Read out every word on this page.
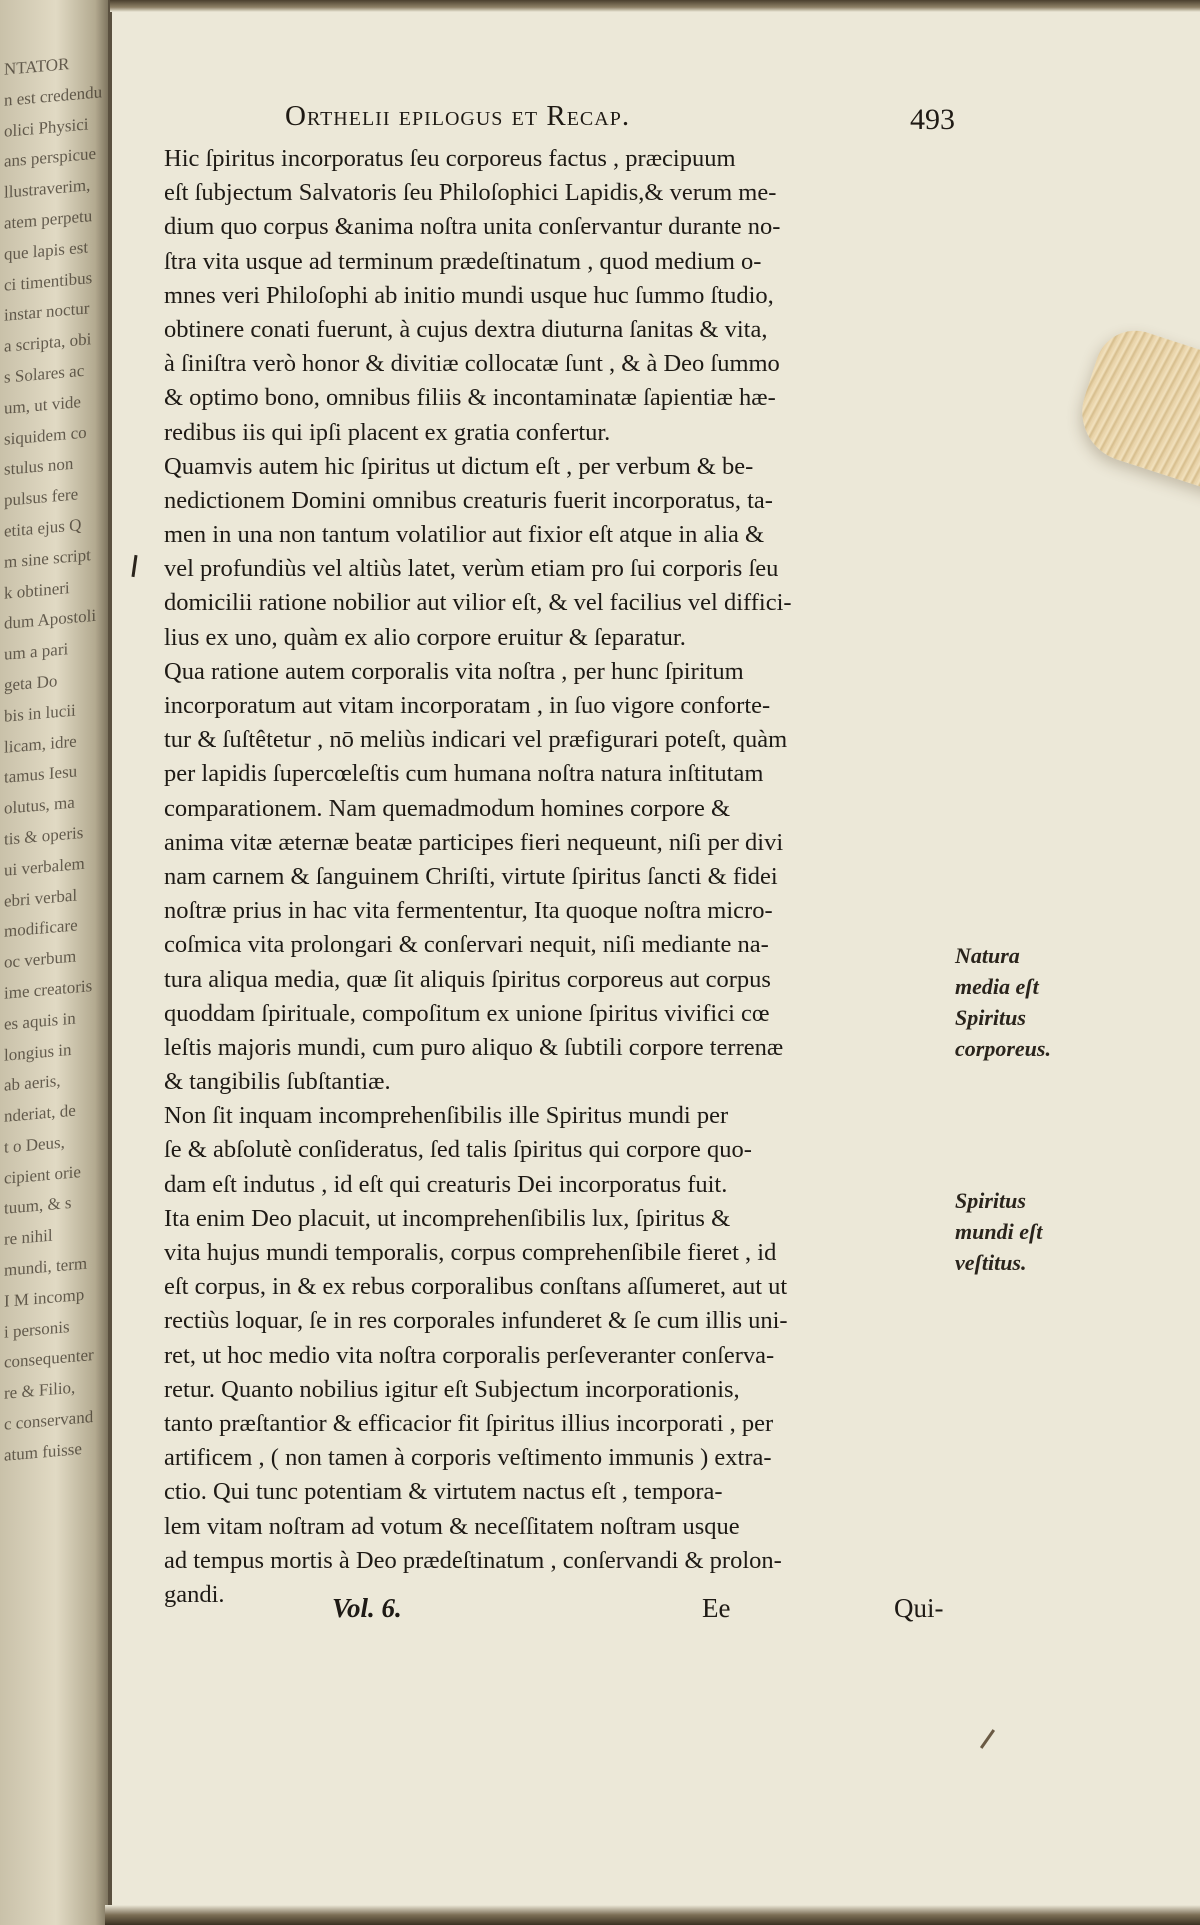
NTATOR
n est credendu
olici Physici
ans perspicue
llustraverim,
atem perpetu
que lapis est
ci timentibus
instar noctur
a scripta, obi
s Solares ac
um, ut vide
siquidem co
stulus non
pulsus fere
etita ejus Q
m sine script
k obtineri
dum Apostoli
um a pari
geta Do
bis in lucii
licam, idre
tamus Iesu
olutus, ma
tis & operis
ui verbalem
ebri verbal
modificare
oc verbum
ime creatoris
es aquis in
longius in
ab aeris,
nderiat, de
t o Deus,
cipient orie
tuum, & s
re nihil
mundi, term
I M incomp
i personis
consequenter
re & Filio,
c conservand
atum fuisse
Orthelii epilogus et Recap.	493
Hic ſpiritus incorporatus ſeu corporeus factus , præcipuum
eſt ſubjectum Salvatoris ſeu Philoſophici Lapidis,& verum me-
dium quo corpus &anima noſtra unita conſervantur durante no-
ſtra vita usque ad terminum prædeſtinatum , quod medium o-
mnes veri Philoſophi ab initio mundi usque huc ſummo ſtudio,
obtinere conati fuerunt, à cujus dextra diuturna ſanitas & vita,
à ſiniſtra verò honor & divitiæ collocatæ ſunt , & à Deo ſummo
& optimo bono, omnibus filiis & incontaminatæ ſapientiæ hæ-
redibus iis qui ipſi placent ex gratia confertur.
Quamvis autem hic ſpiritus ut dictum eſt , per verbum & be-
nedictionem Domini omnibus creaturis fuerit incorporatus, ta-
men in una non tantum volatilior aut fixior eſt atque in alia &
vel profundiùs vel altiùs latet, verùm etiam pro ſui corporis ſeu
domicilii ratione nobilior aut vilior eſt, & vel facilius vel diffici-
lius ex uno, quàm ex alio corpore eruitur & ſeparatur.
Qua ratione autem corporalis vita noſtra , per hunc ſpiritum
incorporatum aut vitam incorporatam , in ſuo vigore conforte-
tur & ſuſtêtetur , nō meliùs indicari vel præfigurari poteſt, quàm
per lapidis ſupercœleſtis cum humana noſtra natura inſtitutam
comparationem. Nam quemadmodum homines corpore &
anima vitæ æternæ beatæ participes fieri nequeunt, niſi per divi
nam carnem & ſanguinem Chriſti, virtute ſpiritus ſancti & fidei
noſtræ prius in hac vita fermententur, Ita quoque noſtra micro-
coſmica vita prolongari & conſervari nequit, niſi mediante na-
tura aliqua media, quæ ſit aliquis ſpiritus corporeus aut corpus
quoddam ſpirituale, compoſitum ex unione ſpiritus vivifici cœ
leſtis majoris mundi, cum puro aliquo & ſubtili corpore terrenæ
& tangibilis ſubſtantiæ.
Non ſit inquam incomprehenſibilis ille Spiritus mundi per
ſe & abſolutè conſideratus, ſed talis ſpiritus qui corpore quo-
dam eſt indutus , id eſt qui creaturis Dei incorporatus fuit.
Ita enim Deo placuit, ut incomprehenſibilis lux, ſpiritus &
vita hujus mundi temporalis, corpus comprehenſibile fieret , id
eſt corpus, in & ex rebus corporalibus conſtans aſſumeret, aut ut
rectiùs loquar, ſe in res corporales infunderet & ſe cum illis uni-
ret, ut hoc medio vita noſtra corporalis perſeveranter conſerva-
retur. Quanto nobilius igitur eſt Subjectum incorporationis,
tanto præſtantior & efficacior fit ſpiritus illius incorporati , per
artificem , ( non tamen à corporis veſtimento immunis ) extra-
ctio. Qui tunc potentiam & virtutem nactus eſt , tempora-
lem vitam noſtram ad votum & neceſſitatem noſtram usque
ad tempus mortis à Deo prædeſtinatum , conſervandi & prolon-
gandi.
Natura
media eſt
Spiritus
corporeus.
Spiritus
mundi eſt
veſtitus.
Vol. 6.	Ee	Qui-
